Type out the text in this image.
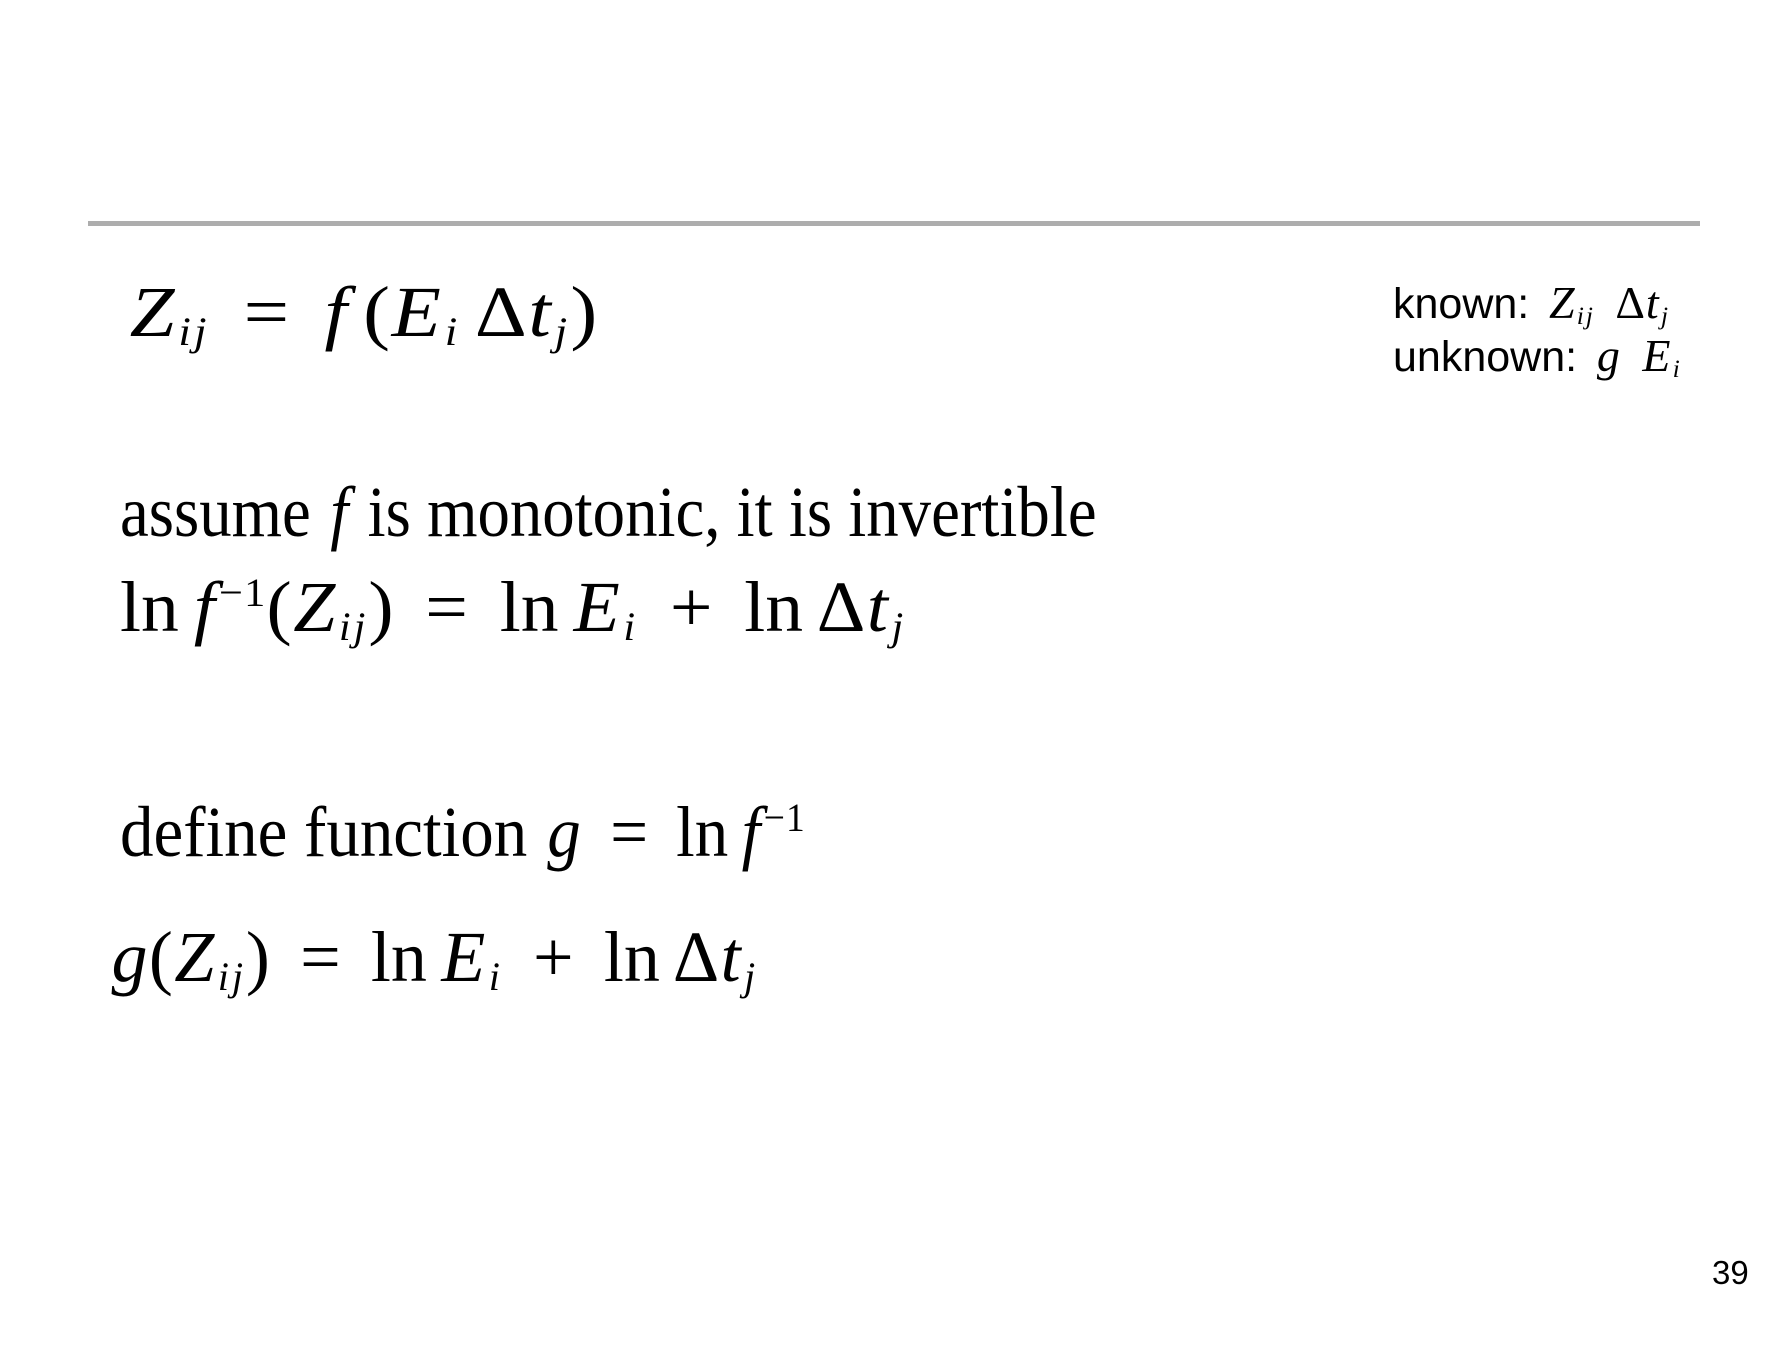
Zij = f (Ei Δtj)	known: Zij Δtj
unknown: g Ei
assume f is monotonic, it is invertible
ln f $^{-1}$(Zij) = ln Ei + ln Δtj
define function $g = \ln f^{-1}$
g(Zij) = ln Ei + ln Δtj
39
